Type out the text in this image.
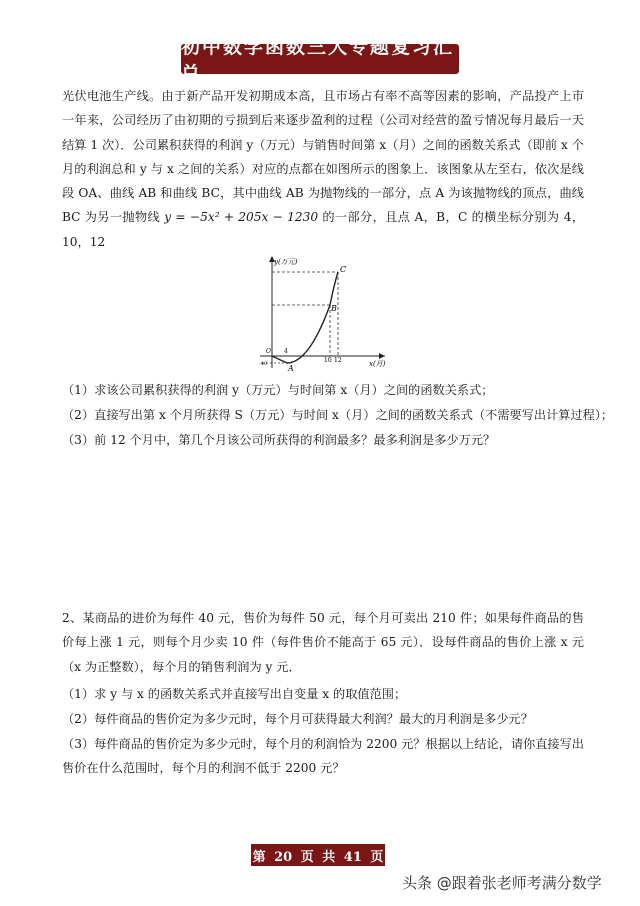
初中数学函数三大专题复习汇总

光伏电池生产线。由于新产品开发初期成本高，且市场占有率不高等因素的影响，产品投产上市一年来，公司经历了由初期的亏损到后来逐步盈利的过程（公司对经营的盈亏情况每月最后一天结算 1 次）．公司累积获得的利润 y（万元）与销售时间第 x（月）之间的函数关系式（即前 x 个月的利润总和 y 与 x 之间的关系）对应的点都在如图所示的图象上．该图象从左至右，依次是线段 OA、曲线 AB 和曲线 BC，其中曲线 AB 为抛物线的一部分，点 A 为该抛物线的顶点，曲线 BC 为另一抛物线 y = −5x² + 205x − 1230 的一部分，且点 A，B，C 的横坐标分别为 4，10，12

y(万元)
x(月)
O
C
B
A
4
10 12
-40
（1）求该公司累积获得的利润 y（万元）与时间第 x（月）之间的函数关系式；
（2）直接写出第 x 个月所获得 S（万元）与时间 x（月）之间的函数关系式（不需要写出计算过程）；
（3）前 12 个月中，第几个月该公司所获得的利润最多？最多利润是多少万元？

2、某商品的进价为每件 40 元，售价为每件 50 元，每个月可卖出 210 件；如果每件商品的售价每上涨 1 元，则每个月少卖 10 件（每件售价不能高于 65 元）．设每件商品的售价上涨 x 元（x 为正整数），每个月的销售利润为 y 元．

（1）求 y 与 x 的函数关系式并直接写出自变量 x 的取值范围；
（2）每件商品的售价定为多少元时，每个月可获得最大利润？最大的月利润是多少元？

（3）每件商品的售价定为多少元时，每个月的利润恰为 2200 元？根据以上结论，请你直接写出售价在什么范围时，每个月的利润不低于 2200 元？

第 20 页 共 41 页
头条 @跟着张老师考满分数学
